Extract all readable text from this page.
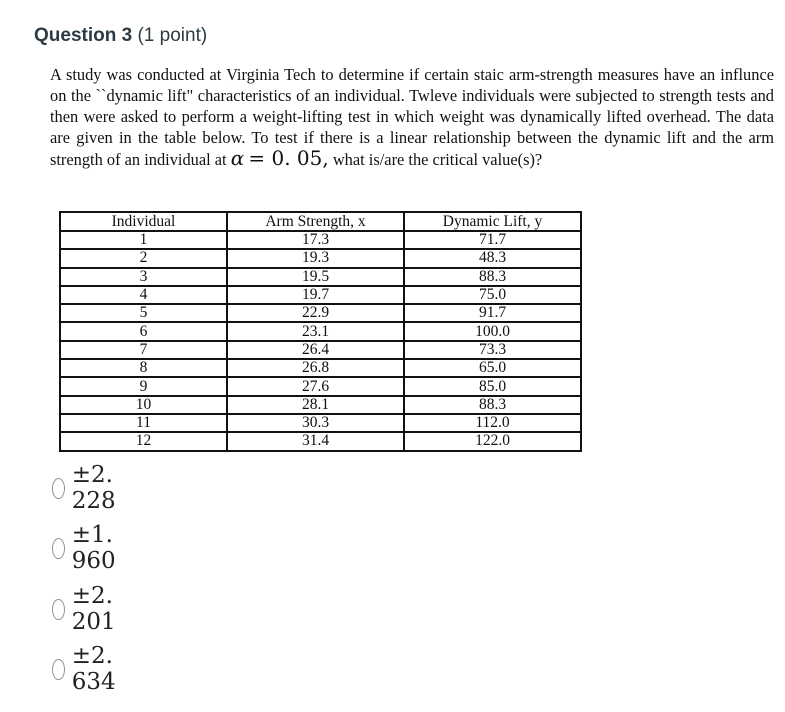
Question 3 (1 point)
A study was conducted at Virginia Tech to determine if certain staic arm-strength measures have an influnce on the ``dynamic lift" characteristics of an individual. Twleve individuals were subjected to strength tests and then were asked to perform a weight-lifting test in which weight was dynamically lifted overhead. The data are given in the table below. To test if there is a linear relationship between the dynamic lift and the arm strength of an individual at α = 0. 05, what is/are the critical value(s)?
Individual	Arm Strength, x	Dynamic Lift, y
1	17.3	71.7
2	19.3	48.3
3	19.5	88.3
4	19.7	75.0
5	22.9	91.7
6	23.1	100.0
7	26.4	73.3
8	26.8	65.0
9	27.6	85.0
10	28.1	88.3
11	30.3	112.0
12	31.4	122.0
±2. 228
±1. 960
±2. 201
±2. 634
